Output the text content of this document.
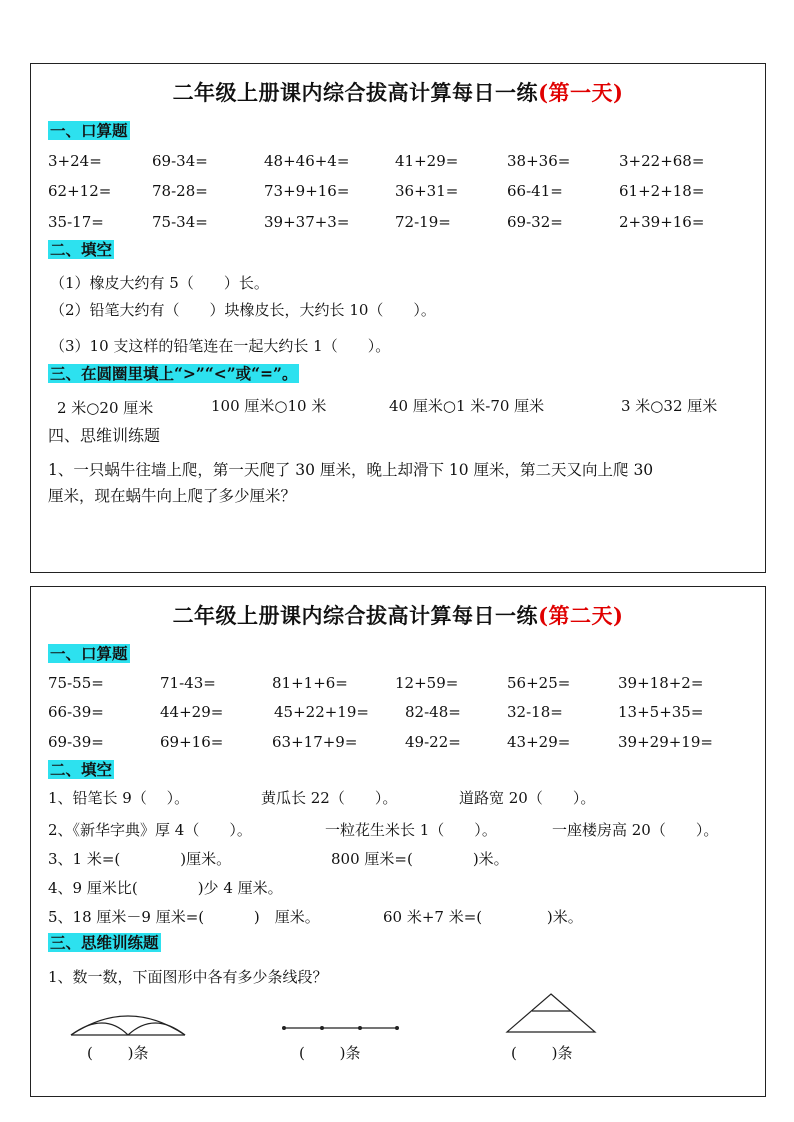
二年级上册课内综合拔高计算每日一练(第一天)
一、口算题
3+24=	69-34=	48+46+4=	41+29=	38+36=	3+22+68=
62+12=	78-28=	73+9+16=	36+31=	66-41=	61+2+18=
35-17=	75-34=	39+37+3=	72-19=	69-32=	2+39+16=
二、填空
（1）橡皮大约有 5（　　）长。
（2）铅笔大约有（　　）块橡皮长，大约长 10（　　）。
（3）10 支这样的铅笔连在一起大约长 1（　　）。
三、在圆圈里填上“>”“<”或“=”。
2 米○20 厘米	100 厘米○10 米	40 厘米○1 米-70 厘米	3 米○32 厘米
四、思维训练题
1、一只蜗牛往墙上爬，第一天爬了 30 厘米，晚上却滑下 10 厘米，第二天又向上爬 30
厘米，现在蜗牛向上爬了多少厘米？
二年级上册课内综合拔高计算每日一练(第二天)
一、口算题
75-55=	71-43=	81+1+6=	12+59=	56+25=	39+18+2=
66-39=	44+29=	45+22+19= 82-48=	32-18=	13+5+35=
69-39=	69+16=	63+17+9=	49-22=	43+29=	39+29+19=
二、填空
1、铅笔长 9（　 ）。	黄瓜长 22（　　）。	道路宽 20（　　）。
2、《新华字典》厚 4（　　）。	一粒花生米长 1（　　）。	一座楼房高 20（　　）。
3、1 米=(　　　　)厘米。	800 厘米=(　　　　)米。
4、9 厘米比(　　　　)少 4 厘米。
5、18 厘米－9 厘米=(　　　 )　厘米。	60 米+7 米=(　　　　 )米。
三、思维训练题
1、数一数，下面图形中各有多少条线段？
(　　 )条	(　　 )条	(　　 )条
